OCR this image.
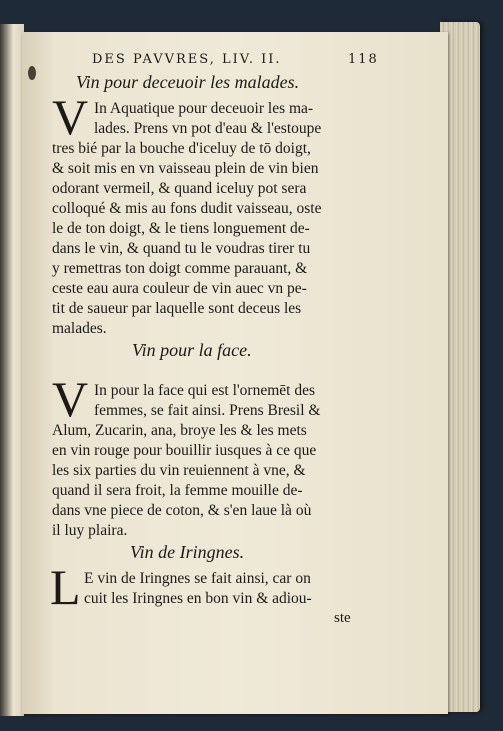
DES PAVVRES, LIV. II.	118
Vin pour deceuoir les malades.
V In Aquatique pour deceuoir les ma-
lades. Prens vn pot d'eau & l'estoupe
tres bié par la bouche d'iceluy de tō doigt,
& soit mis en vn vaisseau plein de vin bien
odorant vermeil, & quand iceluy pot sera
colloqué & mis au fons dudit vaisseau, oste
le de ton doigt, & le tiens longuement de-
dans le vin, & quand tu le voudras tirer tu
y remettras ton doigt comme parauant, &
ceste eau aura couleur de vin auec vn pe-
tit de saueur par laquelle sont deceus les
malades.
Vin pour la face.
V In pour la face qui est l'ornemēt des
femmes, se fait ainsi. Prens Bresil &
Alum, Zucarin, ana, broye les & les mets
en vin rouge pour bouillir iusques à ce que
les six parties du vin reuiennent à vne, &
quand il sera froit, la femme mouille de-
dans vne piece de coton, & s'en laue là où
il luy plaira.
Vin de Iringnes.
L E vin de Iringnes se fait ainsi, car on
cuit les Iringnes en bon vin & adiou-
ste
